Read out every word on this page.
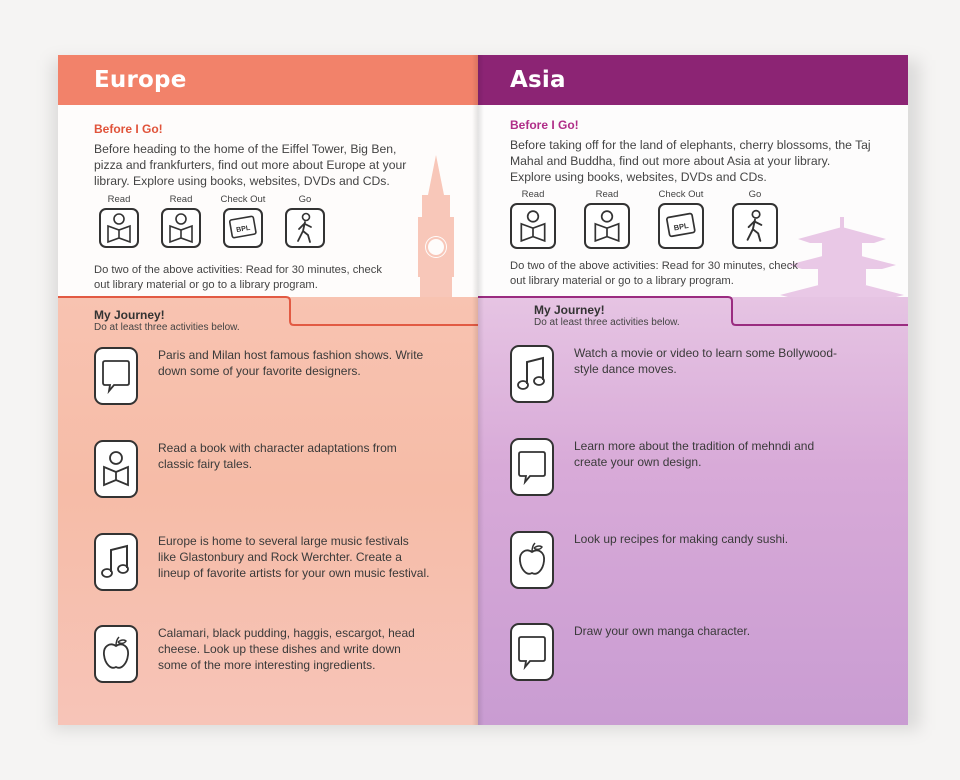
Europe
Before I Go!
Before heading to the home of the Eiffel Tower, Big Ben, pizza and frankfurters, find out more about Europe at your library. Explore using books, websites, DVDs and CDs.
Read	Read	Check Out
BPL
Go
Do two of the above activities: Read for 30 minutes, check out library material or go to a library program.
My Journey!
Do at least three activities below.
Paris and Milan host famous fashion shows. Write down some of your favorite designers.
Read a book with character adaptations from classic fairy tales.
Europe is home to several large music festivals like Glastonbury and Rock Werchter. Create a lineup of favorite artists for your own music festival.
Calamari, black pudding, haggis, escargot, head cheese. Look up these dishes and write down some of the more interesting ingredients.
Asia
Before I Go!
Before taking off for the land of elephants, cherry blossoms, the Taj Mahal and Buddha, find out more about Asia at your library. Explore using books, websites, DVDs and CDs.
Read	Read	Check Out
BPL
Go
Do two of the above activities: Read for 30 minutes, check out library material or go to a library program.
My Journey!
Do at least three activities below.
Watch a movie or video to learn some Bollywood-style dance moves.
Learn more about the tradition of mehndi and create your own design.
Look up recipes for making candy sushi.
Draw your own manga character.
